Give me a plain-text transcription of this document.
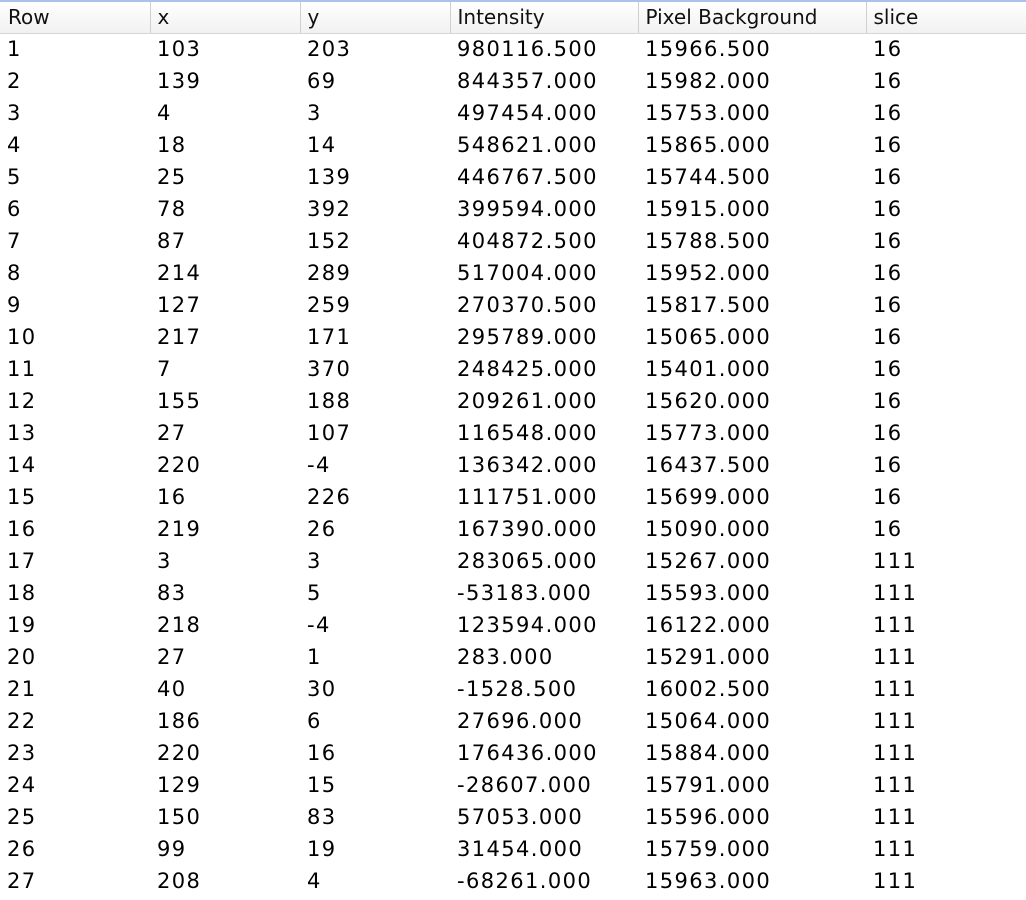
Row	x	y	Intensity	Pixel Background	slice
1	103	203	980116.500	15966.500	16
2	139	69	844357.000	15982.000	16
3	4	3	497454.000	15753.000	16
4	18	14	548621.000	15865.000	16
5	25	139	446767.500	15744.500	16
6	78	392	399594.000	15915.000	16
7	87	152	404872.500	15788.500	16
8	214	289	517004.000	15952.000	16
9	127	259	270370.500	15817.500	16
10	217	171	295789.000	15065.000	16
11	7	370	248425.000	15401.000	16
12	155	188	209261.000	15620.000	16
13	27	107	116548.000	15773.000	16
14	220	-4	136342.000	16437.500	16
15	16	226	111751.000	15699.000	16
16	219	26	167390.000	15090.000	16
17	3	3	283065.000	15267.000	111
18	83	5	-53183.000	15593.000	111
19	218	-4	123594.000	16122.000	111
20	27	1	283.000	15291.000	111
21	40	30	-1528.500	16002.500	111
22	186	6	27696.000	15064.000	111
23	220	16	176436.000	15884.000	111
24	129	15	-28607.000	15791.000	111
25	150	83	57053.000	15596.000	111
26	99	19	31454.000	15759.000	111
27	208	4	-68261.000	15963.000	111
